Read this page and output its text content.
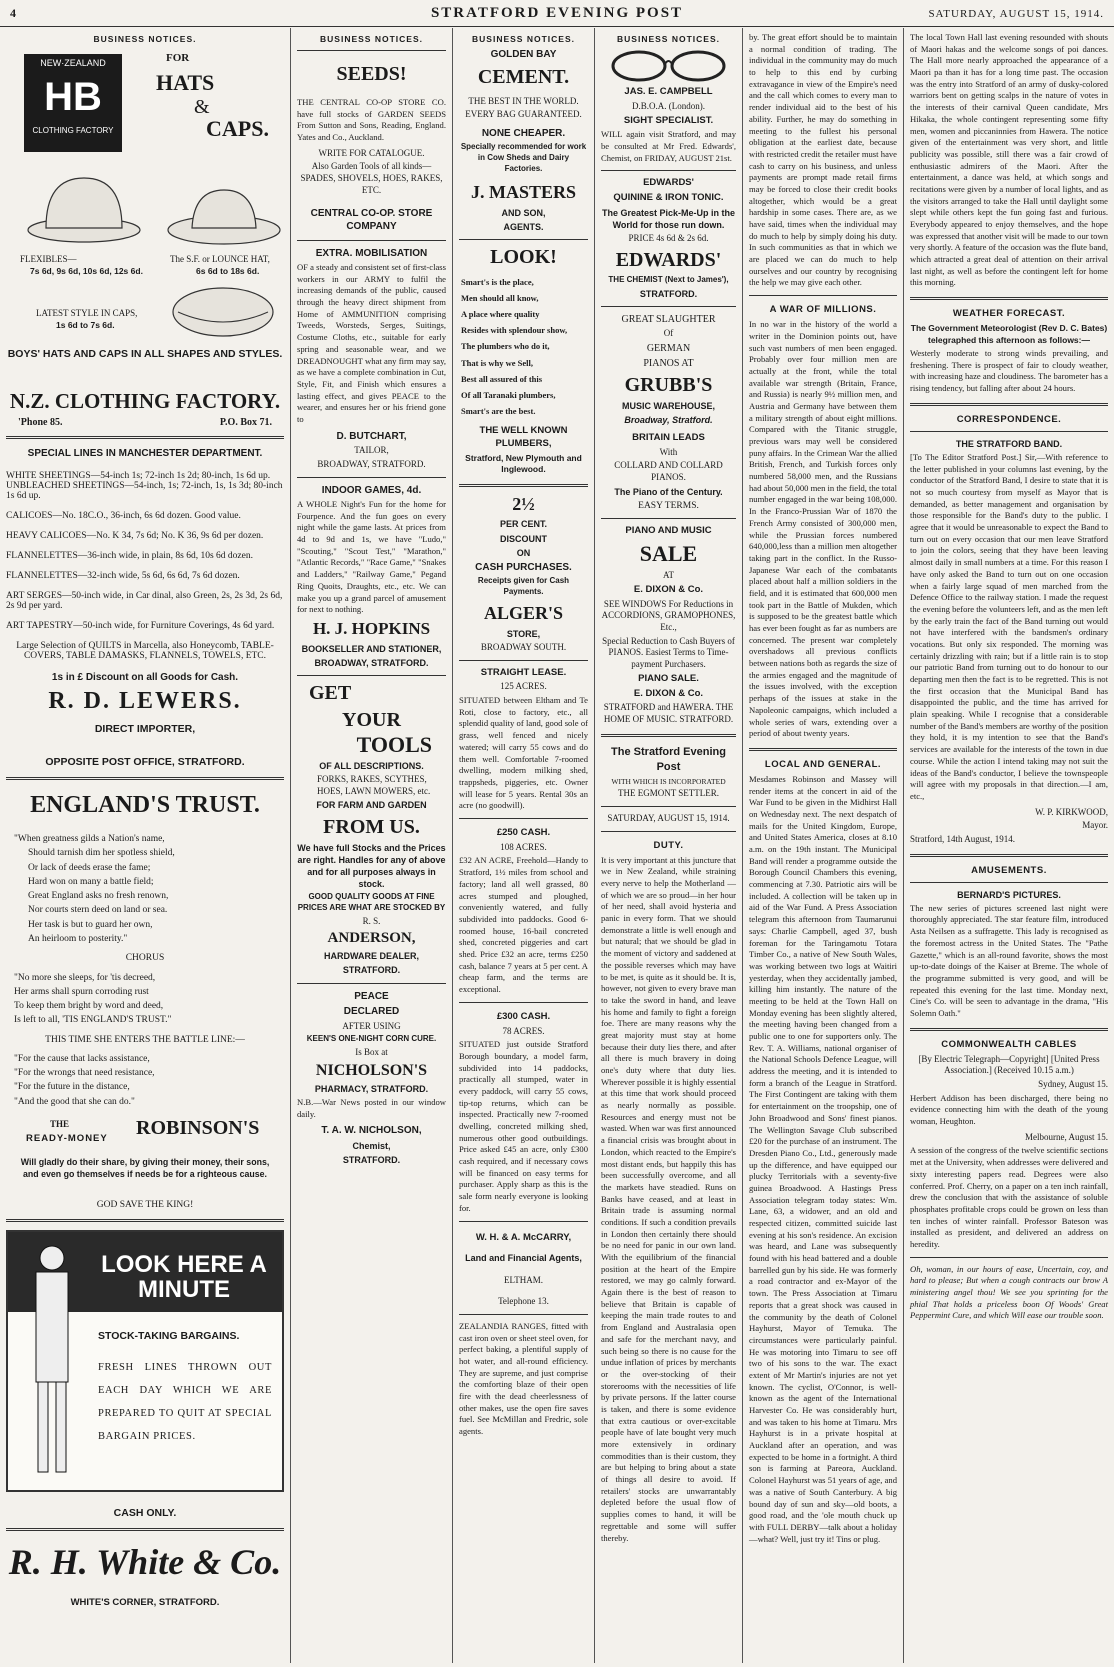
4	STRATFORD EVENING POST	SATURDAY, AUGUST 15, 1914.
BUSINESS NOTICES.
NEW·ZEALAND
HB
CLOTHING FACTORY
FOR
HATS
&
CAPS.
FLEXIBLES—
7s 6d, 9s 6d, 10s 6d, 12s 6d.
The S.F. or LOUNCE HAT,
6s 6d to 18s 6d.
LATEST STYLE IN CAPS,
1s 6d to 7s 6d.
BOYS' HATS AND CAPS IN ALL SHAPES AND STYLES.
N.Z. CLOTHING FACTORY.
'Phone 85.	P.O. Box 71.
SPECIAL LINES IN MANCHESTER DEPARTMENT.

WHITE SHEETINGS—54-inch 1s; 72-inch 1s 2d; 80-inch, 1s 6d up. UNBLEACHED SHEETINGS—54-inch, 1s; 72-inch, 1s, 1s 3d; 80-inch 1s 6d up.

CALICOES—No. 18C.O., 36-inch, 6s 6d dozen. Good value.

HEAVY CALICOES—No. K 34, 7s 6d; No. K 36, 9s 6d per dozen.

FLANNELETTES—36-inch wide, in plain, 8s 6d, 10s 6d dozen.

FLANNELETTES—32-inch wide, 5s 6d, 6s 6d, 7s 6d dozen.

ART SERGES—50-inch wide, in Car dinal, also Green, 2s, 2s 3d, 2s 6d, 2s 9d per yard.

ART TAPESTRY—50-inch wide, for Furniture Coverings, 4s 6d yard.

Large Selection of QUILTS in Marcella, also Honeycomb, TABLE-COVERS, TABLE DAMASKS, FLANNELS, TOWELS, ETC.

1s in £ Discount on all Goods for Cash.
R. D. LEWERS.
DIRECT IMPORTER,
OPPOSITE POST OFFICE, STRATFORD.
ENGLAND'S TRUST.

"When greatness gilds a Nation's name,

Should tarnish dim her spotless shield,

Or lack of deeds erase the fame;

Hard won on many a battle field;

Great England asks no fresh renown,

Nor courts stern deed on land or sea.

Her task is but to guard her own,

An heirloom to posterity."

CHORUS

"No more she sleeps, for 'tis decreed,

Her arms shall spurn corroding rust

To keep them bright by word and deed,

Is left to all, 'TIS ENGLAND'S TRUST."

THIS TIME SHE ENTERS THE BATTLE LINE:—

"For the cause that lacks assistance,

"For the wrongs that need resistance,

"For the future in the distance,

"And the good that she can do."

THE
READY-MONEY ROBINSON'S
Will gladly do their share, by giving their money, their sons, and even go themselves if needs be for a righteous cause.
GOD SAVE THE KING!
LOOK HERE A MINUTE
STOCK-TAKING BARGAINS.
FRESH LINES THROWN OUT EACH DAY WHICH WE ARE PREPARED TO QUIT AT SPECIAL BARGAIN PRICES.
CASH ONLY.
R. H. White & Co.
WHITE'S CORNER, STRATFORD.
BUSINESS NOTICES.
SEEDS!
THE CENTRAL CO-OP STORE CO. have full stocks of GARDEN SEEDS From Sutton and Sons, Reading, England. Yates and Co., Auckland.
WRITE FOR CATALOGUE.
Also Garden Tools of all kinds—SPADES, SHOVELS, HOES, RAKES, ETC.
CENTRAL CO-OP. STORE COMPANY
EXTRA. MOBILISATION
OF a steady and consistent set of first-class workers in our ARMY to fulfil the increasing demands of the public, caused through the heavy direct shipment from Home of AMMUNITION comprising Tweeds, Worsteds, Serges, Suitings, Costume Cloths, etc., suitable for early spring and seasonable wear, and we DREADNOUGHT what any firm may say, as we have a complete combination in Cut, Style, Fit, and Finish which ensures a lasting effect, and gives PEACE to the wearer, and ensures her or his friend gone to
D. BUTCHART,
TAILOR,
BROADWAY, STRATFORD.
INDOOR GAMES, 4d.
A WHOLE Night's Fun for the home for Fourpence. And the fun goes on every night while the game lasts. At prices from 4d to 9d and 1s, we have "Ludo," "Scouting," "Scout Test," "Marathon," "Atlantic Records," "Race Game," "Snakes and Ladders," "Railway Game," Pegand Ring Quoits, Draughts, etc., etc. We can make you up a grand parcel of amusement for next to nothing.
H. J. HOPKINS
BOOKSELLER AND STATIONER,
BROADWAY, STRATFORD.
GET
YOUR
TOOLS
OF ALL DESCRIPTIONS.
FORKS, RAKES, SCYTHES, HOES, LAWN MOWERS, etc.
FOR FARM AND GARDEN
FROM US.
We have full Stocks and the Prices are right. Handles for any of above and for all purposes always in stock.
GOOD QUALITY GOODS AT FINE PRICES ARE WHAT ARE STOCKED BY
R. S.
ANDERSON,
HARDWARE DEALER,
STRATFORD.
PEACE
DECLARED
AFTER USING
KEEN'S ONE-NIGHT CORN CURE.
Is Box at
NICHOLSON'S
PHARMACY, STRATFORD.
N.B.—War News posted in our window daily.
T. A. W. NICHOLSON,
Chemist,
STRATFORD.
BUSINESS NOTICES.
GOLDEN BAY
CEMENT.
THE BEST IN THE WORLD.
EVERY BAG GUARANTEED.
NONE CHEAPER.
Specially recommended for work in Cow Sheds and Dairy Factories.
J. MASTERS
AND SON,
AGENTS.
LOOK!
Smart's is the place,
Men should all know,
A place where quality
Resides with splendour show,
The plumbers who do it,
That is why we Sell,
Best all assured of this
Of all Taranaki plumbers,
Smart's are the best.
THE WELL KNOWN PLUMBERS,
Stratford, New Plymouth and Inglewood.
2½
PER CENT.
DISCOUNT
ON
CASH PURCHASES.
Receipts given for Cash Payments.
ALGER'S
STORE,
BROADWAY SOUTH.
STRAIGHT LEASE.
125 ACRES.
SITUATED between Eltham and Te Roti, close to factory, etc., all splendid quality of land, good sole of grass, well fenced and nicely watered; will carry 55 cows and do them well. Comfortable 7-roomed dwelling, modern milking shed, trappsheds, piggeries, etc. Owner will lease for 5 years. Rental 30s an acre (no goodwill).
£250 CASH.
108 ACRES.
£32 AN ACRE, Freehold—Handy to Stratford, 1½ miles from school and factory; land all well grassed, 80 acres stumped and ploughed, conveniently watered, and fully subdivided into paddocks. Good 6-roomed house, 16-bail concreted shed, concreted piggeries and cart shed. Price £32 an acre, terms £250 cash, balance 7 years at 5 per cent. A cheap farm, and the terms are exceptional.
£300 CASH.
78 ACRES.
SITUATED just outside Stratford Borough boundary, a model farm, subdivided into 14 paddocks, practically all stumped, water in every paddock, will carry 55 cows, tip-top returns, which can be inspected. Practically new 7-roomed dwelling, concreted milking shed, numerous other good outbuildings. Price asked £45 an acre, only £300 cash required, and if necessary cows will be financed on easy terms for purchaser. Apply sharp as this is the sale form nearly everyone is looking for.
W. H. & A. McCARRY,
Land and Financial Agents,
ELTHAM.
Telephone 13.
ZEALANDIA RANGES, fitted with cast iron oven or sheet steel oven, for perfect baking, a plentiful supply of hot water, and all-round efficiency. They are supreme, and just comprise the comforting blaze of their open fire with the dead cheerlessness of other makes, use the open fire saves fuel. See McMillan and Fredric, sole agents.
BUSINESS NOTICES.
JAS. E. CAMPBELL
D.B.O.A. (London).
SIGHT SPECIALIST.
WILL again visit Stratford, and may be consulted at Mr Fred. Edwards', Chemist, on FRIDAY, AUGUST 21st.
EDWARDS'
QUININE & IRON TONIC.
The Greatest Pick-Me-Up in the World for those run down.
PRICE 4s 6d & 2s 6d.
EDWARDS'
THE CHEMIST (Next to James'),
STRATFORD.
GREAT SLAUGHTER
Of
GERMAN
PIANOS AT
GRUBB'S
MUSIC WAREHOUSE,
Broadway, Stratford.
BRITAIN LEADS
With
COLLARD AND COLLARD PIANOS.
The Piano of the Century.
EASY TERMS.
PIANO AND MUSIC
SALE
AT
E. DIXON & Co.
SEE WINDOWS For Reductions in ACCORDIONS, GRAMOPHONES, Etc.,
Special Reduction to Cash Buyers of PIANOS. Easiest Terms to Time-payment Purchasers.
PIANO SALE.
E. DIXON & Co.
STRATFORD and HAWERA. THE HOME OF MUSIC. STRATFORD.
The Stratford Evening Post
WITH WHICH IS INCORPORATED
THE EGMONT SETTLER.
SATURDAY, AUGUST 15, 1914.
DUTY.
It is very important at this juncture that we in New Zealand, while straining every nerve to help the Motherland —of which we are so proud—in her hour of her need, shall avoid hysteria and panic in every form. That we should demonstrate a little is well enough and but natural; that we should be glad in the moment of victory and saddened at the possible reverses which may have to be met, is quite as it should be. It is, however, not given to every brave man to take the sword in hand, and leave his home and family to fight a foreign foe. There are many reasons why the great majority must stay at home because their duty lies there, and after all there is much bravery in doing one's duty where that duty lies. Wherever possible it is highly essential at this time that work should proceed as nearly normally as possible. Resources and energy must not be wasted. When war was first announced a financial crisis was brought about in London, which reacted to the Empire's most distant ends, but happily this has been successfully overcome, and all the markets have steadied. Runs on Banks have ceased, and at least in Britain trade is assuming normal conditions. If such a condition prevails in London then certainly there should be no need for panic in our own land. With the equilibrium of the financial position at the heart of the Empire restored, we may go calmly forward. Again there is the best of reason to believe that Britain is capable of keeping the main trade routes to and from England and Australasia open and safe for the merchant navy, and such being so there is no cause for the undue inflation of prices by merchants or the over-stocking of their storerooms with the necessities of life by private persons. If the latter course is taken, and there is some evidence that extra cautious or over-excitable people have of late bought very much more extensively in ordinary commodities than is their custom, they are but helping to bring about a state of things all desire to avoid. If retailers' stocks are unwarrantably depleted before the usual flow of supplies comes to hand, it will be regrettable and some will suffer thereby.
by. The great effort should be to maintain a normal condition of trading. The individual in the community may do much to help to this end by curbing extravagance in view of the Empire's need and the call which comes to every man to render individual aid to the best of his ability. Further, he may do something in meeting to the fullest his personal obligation at the earliest date, because with restricted credit the retailer must have cash to carry on his business, and unless payments are prompt made retail firms may be forced to close their credit books altogether, which would be a great hardship in some cases. There are, as we have said, times when the individual may do much to help by simply doing his duty. In such communities as that in which we are placed we can do much to help ourselves and our country by recognising the help we may give each other.
A WAR OF MILLIONS.
In no war in the history of the world a writer in the Dominion points out, have such vast numbers of men been engaged. Probably over four million men are actually at the front, while the total available war strength (Britain, France, and Russia) is nearly 9½ million men, and Austria and Germany have between them a military strength of about eight millions. Compared with the Titanic struggle, previous wars may well be considered puny affairs. In the Crimean War the allied British, French, and Turkish forces only numbered 58,000 men, and the Russians had about 50,000 men in the field, the total number engaged in the war being 108,000. In the Franco-Prussian War of 1870 the French Army consisted of 300,000 men, while the Prussian forces numbered 640,000,less than a million men altogether taking part in the conflict. In the Russo-Japanese War each of the combatants placed about half a million soldiers in the field, and it is estimated that 600,000 men took part in the Battle of Mukden, which is supposed to be the greatest battle which has ever been fought as far as numbers are concerned. The present war completely overshadows all previous conflicts between nations both as regards the size of the armies engaged and the magnitude of the issues involved, with the exception perhaps of the issues at stake in the Napoleonic campaigns, which included a whole series of wars, extending over a period of about twenty years.
LOCAL AND GENERAL.
Mesdames Robinson and Massey will render items at the concert in aid of the War Fund to be given in the Midhirst Hall on Wednesday next. The next despatch of mails for the United Kingdom, Europe, and United States America, closes at 8.10 a.m. on the 19th instant. The Municipal Band will render a programme outside the Borough Council Chambers this evening, commencing at 7.30. Patriotic airs will be included. A collection will be taken up in aid of the War Fund. A Press Association telegram this afternoon from Taumarunui says: Charlie Campbell, aged 37, bush foreman for the Taringamotu Totara Timber Co., a native of New South Wales, was working between two logs at Waitiri yesterday, when they accidentally jambed, killing him instantly. The nature of the meeting to be held at the Town Hall on Monday evening has been slightly altered, the meeting having been changed from a public one to one for supporters only. The Rev. T. A. Williams, national organiser of the National Schools Defence League, will address the meeting, and it is intended to form a branch of the League in Stratford. The First Contingent are taking with them for entertainment on the troopship, one of John Broadwood and Sons' finest pianos. The Wellington Savage Club subscribed £20 for the purchase of an instrument. The Dresden Piano Co., Ltd., generously made up the difference, and have equipped our plucky Territorials with a seventy-five guinea Broadwood. A Hastings Press Association telegram today states: Wm. Lane, 63, a widower, and an old and respected citizen, committed suicide last evening at his son's residence. An excision was heard, and Lane was subsequently found with his head battered and a double barrelled gun by his side. He was formerly a road contractor and ex-Mayor of the town. The Press Association at Timaru reports that a great shock was caused in the community by the death of Colonel Hayhurst, Mayor of Temuka. The circumstances were particularly painful. He was motoring into Timaru to see off two of his sons to the war. The exact extent of Mr Martin's injuries are not yet known. The cyclist, O'Connor, is well-known as the agent of the International Harvester Co. He was considerably hurt, and was taken to his home at Timaru. Mrs Hayhurst is in a private hospital at Auckland after an operation, and was expected to be home in a fortnight. A third son is farming at Pareora, Auckland. Colonel Hayhurst was 51 years of age, and was a native of South Canterbury. A big bound day of sun and sky—old boots, a good road, and the 'ole mouth chuck up with FULL DERBY—talk about a holiday—what? Well, just try it! Tins or plug.
The local Town Hall last evening resounded with shouts of Maori hakas and the welcome songs of poi dances. The Hall more nearly approached the appearance of a Maori pa than it has for a long time past. The occasion was the entry into Stratford of an army of dusky-colored warriors bent on getting scalps in the nature of votes in the interests of their carnival Queen candidate, Mrs Hikaka, the whole contingent representing some fifty men, women and piccaninnies from Hawera. The notice given of the entertainment was very short, and little publicity was possible, still there was a fair crowd of enthusiastic admirers of the Maori. After the entertainment, a dance was held, at which songs and recitations were given by a number of local lights, and as the visitors arranged to take the Hall until daylight some slept while others kept the fun going fast and furious. Everybody appeared to enjoy themselves, and the hope was expressed that another visit will be made to our town very shortly. A feature of the occasion was the flute band, which attracted a great deal of attention on their arrival last night, as well as before the contingent left for home this morning.
WEATHER FORECAST.
The Government Meteorologist (Rev D. C. Bates) telegraphed this afternoon as follows:—
Westerly moderate to strong winds prevailing, and freshening. There is prospect of fair to cloudy weather, with increasing haze and cloudiness. The barometer has a rising tendency, but falling after about 24 hours.
CORRESPONDENCE.
THE STRATFORD BAND.
[To The Editor Stratford Post.] Sir,—With reference to the letter published in your columns last evening, by the conductor of the Stratford Band, I desire to state that it is not so much courtesy from myself as Mayor that is demanded, as better management and organisation by those responsible for the Band's duty to the public. I agree that it would be unreasonable to expect the Band to turn out on every occasion that our men leave Stratford to join the colors, seeing that they have been leaving almost daily in small numbers at a time. For this reason I have only asked the Band to turn out on one occasion when a fairly large squad of men marched from the Defence Office to the railway station. I made the request the evening before the volunteers left, and as the men left by the early train the fact of the Band turning out would not have interfered with the bandsmen's ordinary vocations. But only six responded. The morning was certainly drizzling with rain; but if a little rain is to stop our patriotic Band from turning out to do honour to our departing men then the fact is to be regretted. This is not the first occasion that the Municipal Band has disappointed the public, and the time has arrived for plain speaking. While I recognise that a considerable number of the Band's members are worthy of the position they hold, it is my intention to see that the Band's services are available for the interests of the town in due course. While the action I intend taking may not suit the ideas of the Band's conductor, I believe the townspeople will agree with my proposals in that direction.—I am, etc.,
W. P. KIRKWOOD,
Mayor.
Stratford, 14th August, 1914.
AMUSEMENTS.
BERNARD'S PICTURES.
The new series of pictures screened last night were thoroughly appreciated. The star feature film, introduced Asta Neilsen as a suffragette. This lady is recognised as the foremost actress in the United States. The "Pathe Gazette," which is an all-round favorite, shows the most up-to-date doings of the Kaiser at Breme. The whole of the programme submitted is very good, and will be repeated this evening for the last time. Monday next, Cine's Co. will be seen to advantage in the drama, "His Solemn Oath."
COMMONWEALTH CABLES
[By Electric Telegraph—Copyright] [United Press Association.] (Received 10.15 a.m.)
Sydney, August 15.
Herbert Addison has been discharged, there being no evidence connecting him with the death of the young woman, Heughton.
Melbourne, August 15.
A session of the congress of the twelve scientific sections met at the University, when addresses were delivered and sixty interesting papers read. Degrees were also conferred. Prof. Cherry, on a paper on a ten inch rainfall, drew the conclusion that with the assistance of soluble phosphates profitable crops could be grown on less than ten inches of winter rainfall. Professor Bateson was installed as president, and delivered an address on heredity.
Oh, woman, in our hours of ease, Uncertain, coy, and hard to please; But when a cough contracts our brow A ministering angel thou! We see you sprinting for the phial That holds a priceless boon Of Woods' Great Peppermint Cure, and which Will ease our trouble soon.
